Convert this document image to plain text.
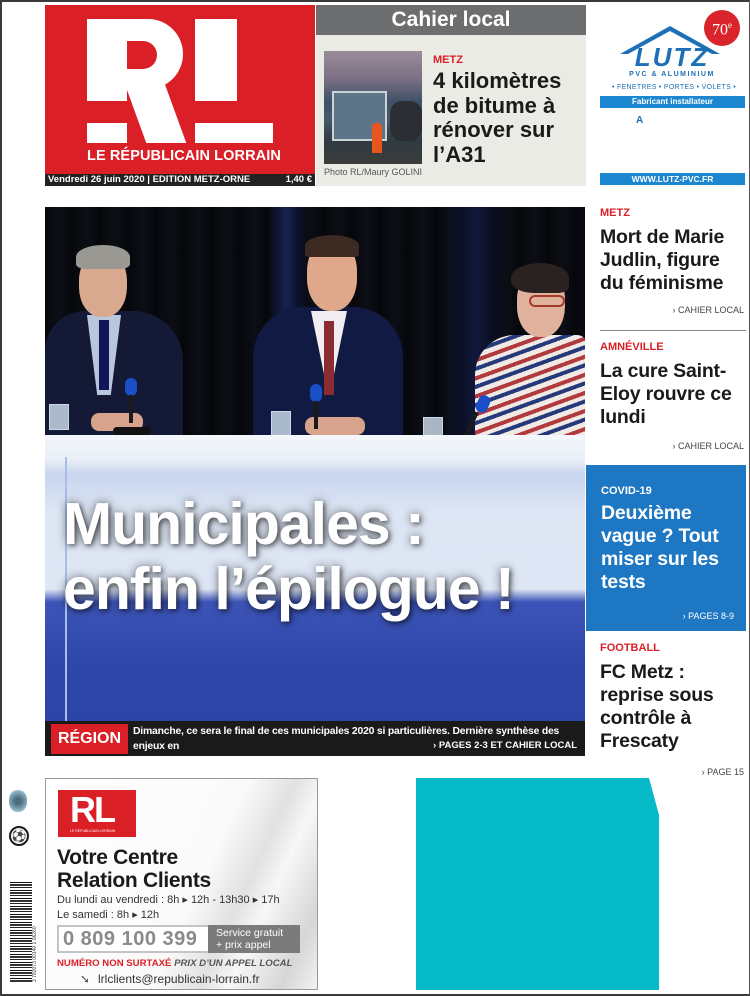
LE RÉPUBLICAIN LORRAIN
Vendredi 26 juin 2020 | EDITION METZ-ORNE	1,40 €
Cahier local
Photo RL/Maury GOLINI
METZ
4 kilomètres de bitume à rénover sur l’A31
70e
LUTZ
PVC & ALUMINIUM
• FENETRES • PORTES • VOLETS •
Fabricant installateur
A
WWW.LUTZ-PVC.FR
Municipales :
enfin l’épilogue !
RÉGION	Dimanche, ce sera le final de ces municipales 2020 si particulières. Dernière synthèse des enjeux en
Lorraine et retour sur le débat des candidats à Metz. Photo RL/Karim SIARI
› PAGES 2-3 ET CAHIER LOCAL
METZ
Mort de Marie Judlin, figure du féminisme
› CAHIER LOCAL
AMNÉVILLE
La cure Saint-Eloy rouvre ce lundi
› CAHIER LOCAL
COVID-19
Deuxième vague ? Tout miser sur les tests
› PAGES 8-9
FOOTBALL
FC Metz : reprise sous contrôle à Frescaty
› PAGE 15
⚽
3 782073 00140 1 06260
RL
LE RÉPUBLICAIN LORRAIN
Votre Centre
Relation Clients
Du lundi au vendredi : 8h ▸ 12h - 13h30 ▸ 17h
Le samedi : 8h ▸ 12h
0 809 100 399 Service gratuit
+ prix appel
NUMÉRO NON SURTAXÉ PRIX D’UN APPEL LOCAL
➘ lrlclients@republicain-lorrain.fr
